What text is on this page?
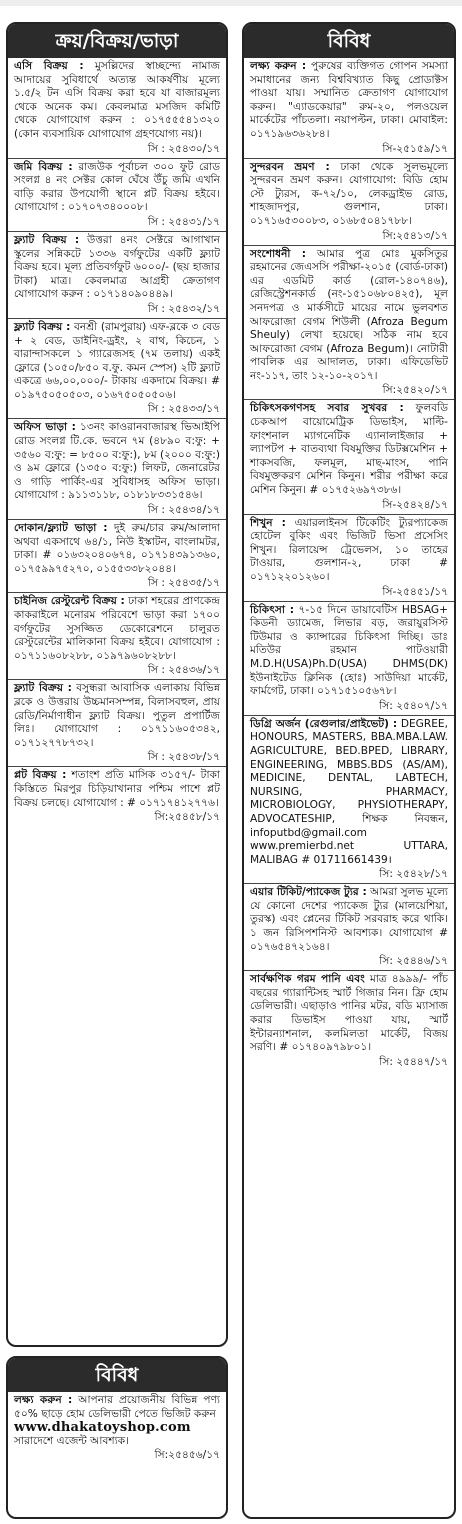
ক্রয়/বিক্রয়/ভাড়া
এসি বিক্রয় : মুসল্লিদের স্বাচ্ছন্দ্যে নামাজ আদায়ের সুবিধার্থে অত্যন্ত আকর্ষণীয় মূল্যে ১.৫/২ টন এসি বিক্রয় করা হবে যা বাজারমূল্য থেকে অনেক কম। কেবলমাত্র মসজিদ কমিটি থেকে যোগাযোগ করুন : ০১৭৫৫৫৪১৩২০ (কোন ব্যবসায়িক যোগাযোগ গ্রহণযোগ্য নয়)।
সি : ২৫৪৩০/১৭
জমি বিক্রয় : রাজউক পূর্বাচল ৩০০ ফুট রোড সংলগ্ন ৪ নং সেক্টর কোল ঘেঁষে উঁচু জমি এখনি বাড়ি করার উপযোগী স্থানে প্লট বিক্রয় হইবে। যোগাযোগ : ০১৭০৭৩৪০০০৮।
সি : ২৫৪৩১/১৭
ফ্ল্যাট বিক্রয় : উত্তরা ৪নং সেক্টরে আগাখান স্কুলের সন্নিকটে ১৩৩৬ বর্গফুটের একটি ফ্ল্যাট বিক্রয় হবে। মূল্য প্রতিবর্গফুট ৬০০০/- (ছয় হাজার টাকা) মাত্র। কেবলমাত্র আগ্রহী ক্রেতাগণ যোগাযোগ করুন : ০১৭১৪০৯০৪৪৯।
সি : ২৫৪৩২/১৭
ফ্ল্যাট বিক্রয় : বনশ্রী (রামপুরায়) এফ-ব্লকে ৩ বেড + ২ বেড, ডাইনিং-ড্রইং, ২ বাথ, কিচেন, ১ বারান্দাসকলে ১ গ্যারেজসহ (৭ম তলায়) একই ফ্লোরে (১০৫০/৮৫০ ব.ফু. কমন স্পেস) ২টি ফ্ল্যাট একত্রে ৬৬,০০,০০০/- টাকায় একদামে বিক্রয়। # ০১৯৭৫০৫০৫০৩, ০১৬৭৫০৫০৫০৬।
সি : ২৫৪৩৩/১৭
অফিস ভাড়া : ১৩নং কাওরানবাজারস্থ ভিআইপি রোড সংলগ্ন টি.কে. ভবনে ৭ম (৪৮৯০ ব:ফু: + ৩৫৬০ ব:ফু: = ৮৫০০ ব:ফু:), ৮ম (২০০০ ব:ফু:) ও ৯ম ফ্লোরে (১৩৫০ ব:ফু:) লিফট, জেনারেটর ও গাড়ি পার্কিং-এর সুবিধাসহ অফিস ভাড়া। যোগাযোগ : ৯১১৩১১৮, ০১৮১৮৩৩১৫৪৬।
সি : ২৫৪৩৪/১৭
দোকান/ফ্ল্যাট ভাড়া : দুই রুম/চার রুম/আলাদা অথবা একসাথে ৬৪/১, নিউ ইস্কাটন, বাংলামটর, ঢাকা। # ০১৬৩২০৪০৬৭৪, ০১৭১৪৩৯১৩৬০, ০১৭৫৯৯৭৫২৭০, ০১৫৫৩৩৮২০৪৪।
সি : ২৫৪৩৫/১৭
চাইনিজ রেস্টুরেন্ট বিক্রয় : ঢাকা শহরের প্রাণকেন্দ্র কাকরাইলে মনোরম পরিবেশে ভাড়া করা ১৭০০ বর্গফুটের সুসজ্জিত ডেকোরেশনে চালুরত রেস্টুরেন্টের মালিকানা বিক্রয় হইবে। যোগাযোগ : ০১৭১১৬০৮২৮৮, ০১৯৭৯৬০৮২৮৮।
সি : ২৫৪৩৬/১৭
ফ্ল্যাট বিক্রয় : বসুন্ধরা আবাসিক এলাকায় বিভিন্ন ব্লকে ও উত্তরায় উচ্চমানসম্পন্ন, বিলাসবহুল, প্রায় রেডি/নির্মাণাধীন ফ্ল্যাট বিক্রয়। পুতুল প্রপার্টিজ লিঃ। যোগাযোগ : ০১৭১১৬০৫৩৪২, ০১৭১২৭৭৮৭৩২।
সি : ২৫৪৩৮/১৭
প্লট বিক্রয় : শতাংশ প্রতি মাসিক ৩১৫৭/- টাকা কিস্তিতে মিরপুর চিড়িয়াখানার পশ্চিম পাশে প্লট বিক্রয় চলছে। যোগাযোগ : # ০১৭১৭৪১২৭৭৬।
সি:২৫৪৫৮/১৭
বিবিধ
লক্ষ্য করুন : আপনার প্রয়োজনীয় বিভিন্ন পণ্য ৫০% ছাড়ে হোম ডেলিভারী পেতে ভিজিট করুন
www.dhakatoyshop.com
সারাদেশে এজেন্ট আবশ্যক।
সি:২৫৪৫৬/১৭
বিবিধ
লক্ষ্য করুন : পুরুষের ব্যক্তিগত গোপন সমস্যা সমাধানের জন্য বিশ্ববিখ্যাত কিছু প্রোডাক্টস পাওয়া যায়। সম্মানিত ক্রেতাগণ যোগাযোগ করুন। "এ্যাডকেয়ার" রুম-২০, পলওয়েল মার্কেটের পাঁচতলা। নয়াপল্টন, ঢাকা। মোবাইল: ০১৭১৯৬৩৬২৮৪।
সি-২৫১৫৯/১৭
সুন্দরবন ভ্রমণ : ঢাকা থেকে সুলভমূল্যে সুন্দরবন ভ্রমণ করুন। যোগাযোগ: বিডি হোম স্টে ট্যুরস, ক-৭২/১০, লেকড্রাইভ রোড, শাহজাদপুর, গুলশান, ঢাকা। ০১৭১৬৫৩০০৮৩, ০১৬৮৫০৪১৭৮৮।
সি:২৫৪১৩/১৭
সংশোধনী : আমার পুত্র মোঃ মুকসিতুর রহমানের জেএসসি পরীক্ষা-২০১৫ (বোর্ড-ঢাকা) এর এডমিট কার্ড (রোল-১৪০৭৪৬), রেজিস্ট্রেশনকার্ড (নং-১৫১০৬৮০৪২৫), মূল সনদপত্র ও মার্কসীটে মায়ের নামে ভুলবশত আফরোজা বেগম শিউলী (Afroza Begum Sheuly) লেখা হয়েছে। সঠিক নাম হবে আফরোজা বেগম (Afroza Begum)। নোটারী পাবলিক এর আদালত, ঢাকা। এফিডেভিট নং-১১৭, তাং ১২-১০-২০১৭।
সি:২৫৪২০/১৭
চিকিৎসকগণসহ সবার সুখবর : ফুলবডি চেকআপ বায়োমেট্রিক ডিভাইস, মাল্টি-ফাংশনাল ম্যাগনেটিক এ্যানালাইজার + ল্যাপটপ + বাতব্যথা বিষমুক্তির ডিটক্সমেশিন + শাকসবজি, ফলমূল, মাছ-মাংস, পানি বিষমুক্তকরণ মেশিন কিনুন। শরীর পরীক্ষা করে মেশিন কিনুন। # ০১৭৫২৬৯৭৩৮৬।
সি-২৫৪২৪/১৭
শিখুন : এয়ারলাইনস টিকেটিং ট্যুরপ্যাকেজ হোটেল বুকিং এবং ভিজিট ভিসা প্রসেসিং শিখুন। রিলায়েন্স ট্রেভেলস, ১০ তাহের টাওয়ার, গুলশান-২, ঢাকা # ০১৭১২২০১২৬০।
সি-২৫৪৫১/১৭
চিকিৎসা : ৭-১৫ দিনে ডায়াবেটিস HBSAG+ কিডনী ড্যামেজ, লিভার বড়, জরায়ুরসিস্ট টিউমার ও ক্যান্সারের চিকিৎসা দিচ্ছি। ডাঃ মতিউর রহমান পাটওয়ারী M.D.H(USA)Ph.D(USA) DHMS(DK) ইউনাইটেড ক্লিনিক (হোঃ) সাউদিয়া মার্কেট, ফার্মগেট, ঢাকা। ০১৭১৫১০৫৬৭৮।
সি: ২৫৪০৭/১৭
ডিগ্রি অর্জন (রেগুলার/প্রাইভেট) : DEGREE, HONOURS, MASTERS, BBA.MBA.LAW. AGRICULTURE, BED.BPED, LIBRARY, ENGINEERING, MBBS.BDS (AS/AM), MEDICINE, DENTAL, LABTECH, NURSING, PHARMACY, MICROBIOLOGY, PHYSIOTHERAPY, ADVOCATESHIP, শিক্ষক নিবন্ধন, infoputbd@gmail.com www.premierbd.net UTTARA, MALIBAG # 01711661439।
সি: ২৫৪২৮/১৭
এয়ার টিকিট/প্যাকেজ ট্যুর : আমরা সুলভ মূল্যে যে কোনো দেশের প্যাকেজ ট্যুর (মালয়েশিয়া, তুরস্ক) এবং প্লেনের টিকিট সরবরাহ করে থাকি। ১ জন রিসিপশনিস্ট আবশ্যক। যোগাযোগ # ০১৭৬৫৪৭২১৬৪।
সি: ২৫৪৪৬/১৭
সার্বক্ষণিক গরম পানি এবং মাত্র ৪৯৯৯/- পাঁচ বছরের গ্যারান্টিসহ স্মার্ট গিজার নিন। ফ্রি হোম ডেলিভারী। এছাড়াও পানির মটর, বডি ম্যাসাজ করার ডিভাইস পাওয়া যায়, স্মার্ট ইন্টারন্যাশনাল, কলমিলতা মার্কেট, বিজয় সরণি। # ০১৭৪০৯৭৯৮০১।
সি: ২৫৪৪৭/১৭
